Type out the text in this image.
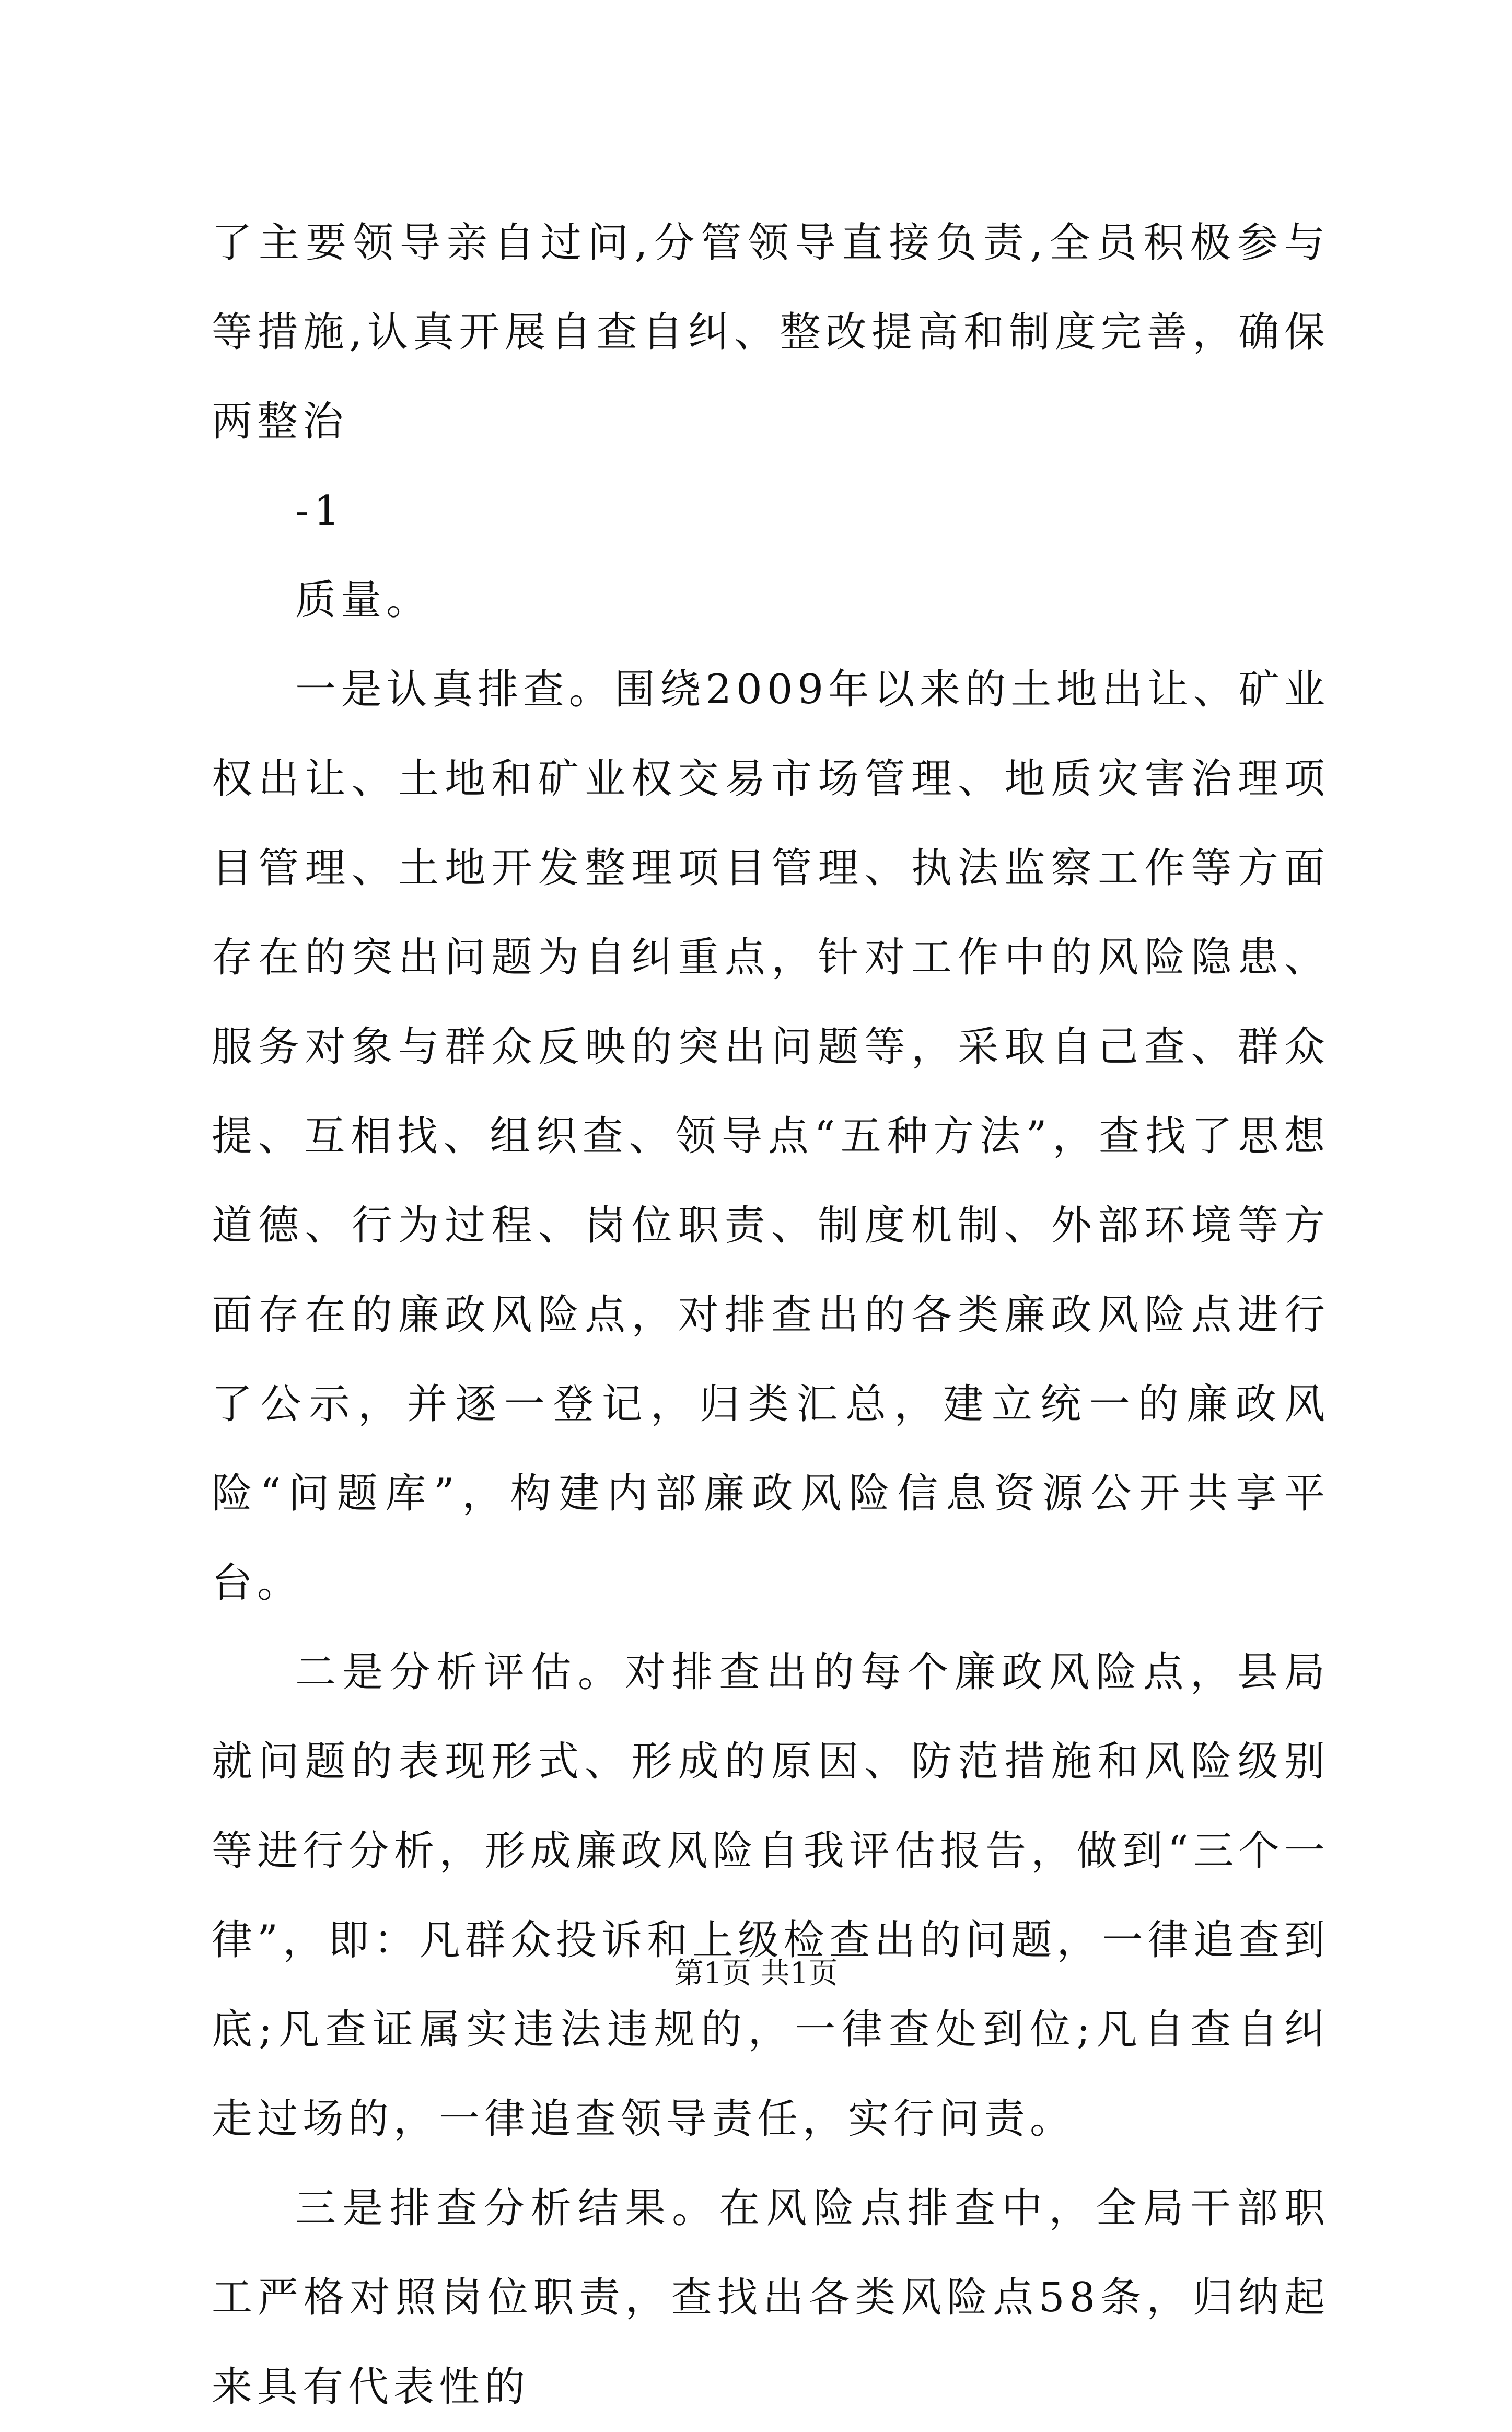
了主要领导亲自过问,分管领导直接负责,全员积极参与等措施,认真开展自查自纠、整改提高和制度完善，确保两整治

-1

质量。

一是认真排查。围绕2009年以来的土地出让、矿业权出让、土地和矿业权交易市场管理、地质灾害治理项目管理、土地开发整理项目管理、执法监察工作等方面存在的突出问题为自纠重点，针对工作中的风险隐患、服务对象与群众反映的突出问题等，采取自己查、群众提、互相找、组织查、领导点“五种方法”，查找了思想道德、行为过程、岗位职责、制度机制、外部环境等方面存在的廉政风险点，对排查出的各类廉政风险点进行了公示，并逐一登记，归类汇总，建立统一的廉政风险“问题库”，构建内部廉政风险信息资源公开共享平台。

二是分析评估。对排查出的每个廉政风险点，县局就问题的表现形式、形成的原因、防范措施和风险级别等进行分析，形成廉政风险自我评估报告，做到“三个一律”，即：凡群众投诉和上级检查出的问题，一律追查到底;凡查证属实违法违规的，一律查处到位;凡自查自纠走过场的，一律追查领导责任，实行问责。

三是排查分析结果。在风险点排查中，全局干部职工严格对照岗位职责，查找出各类风险点58条，归纳起来具有代表性的

第1页 共1页
